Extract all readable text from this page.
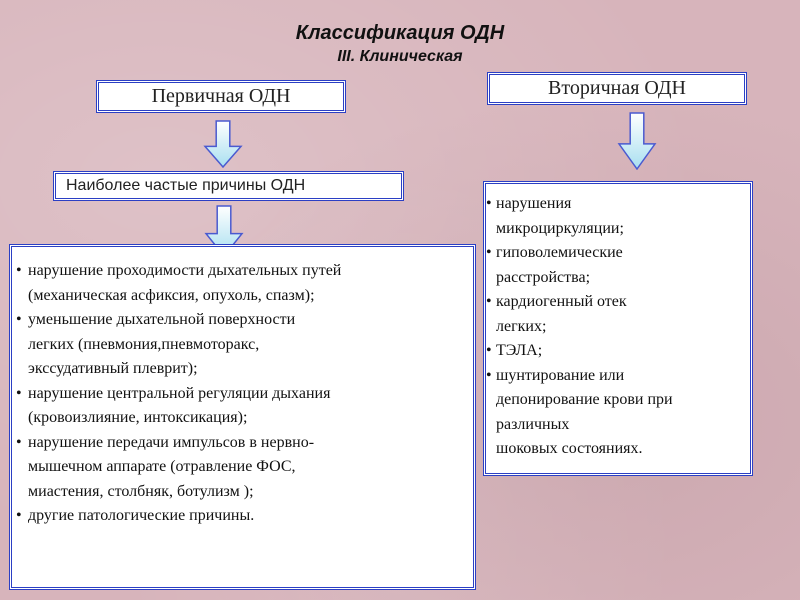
Классификация ОДН
III. Клиническая
Первичная ОДН	Вторичная ОДН
Наиболее частые причины ОДН
• нарушение проходимости дыхательных путей
(механическая асфиксия, опухоль, спазм);
• уменьшение дыхательной поверхности
легких (пневмония,пневмоторакс,
экссудативный плеврит);
• нарушение центральной регуляции дыхания
(кровоизлияние, интоксикация);
• нарушение передачи импульсов в нервно-
мышечном аппарате (отравление ФОС,
миастения, столбняк, ботулизм );
• другие патологические причины.
• нарушения
микроциркуляции;
• гиповолемические
расстройства;
• кардиогенный отек
легких;
• ТЭЛА;
• шунтирование или
депонирование крови при
различных
шоковых состояниях.
